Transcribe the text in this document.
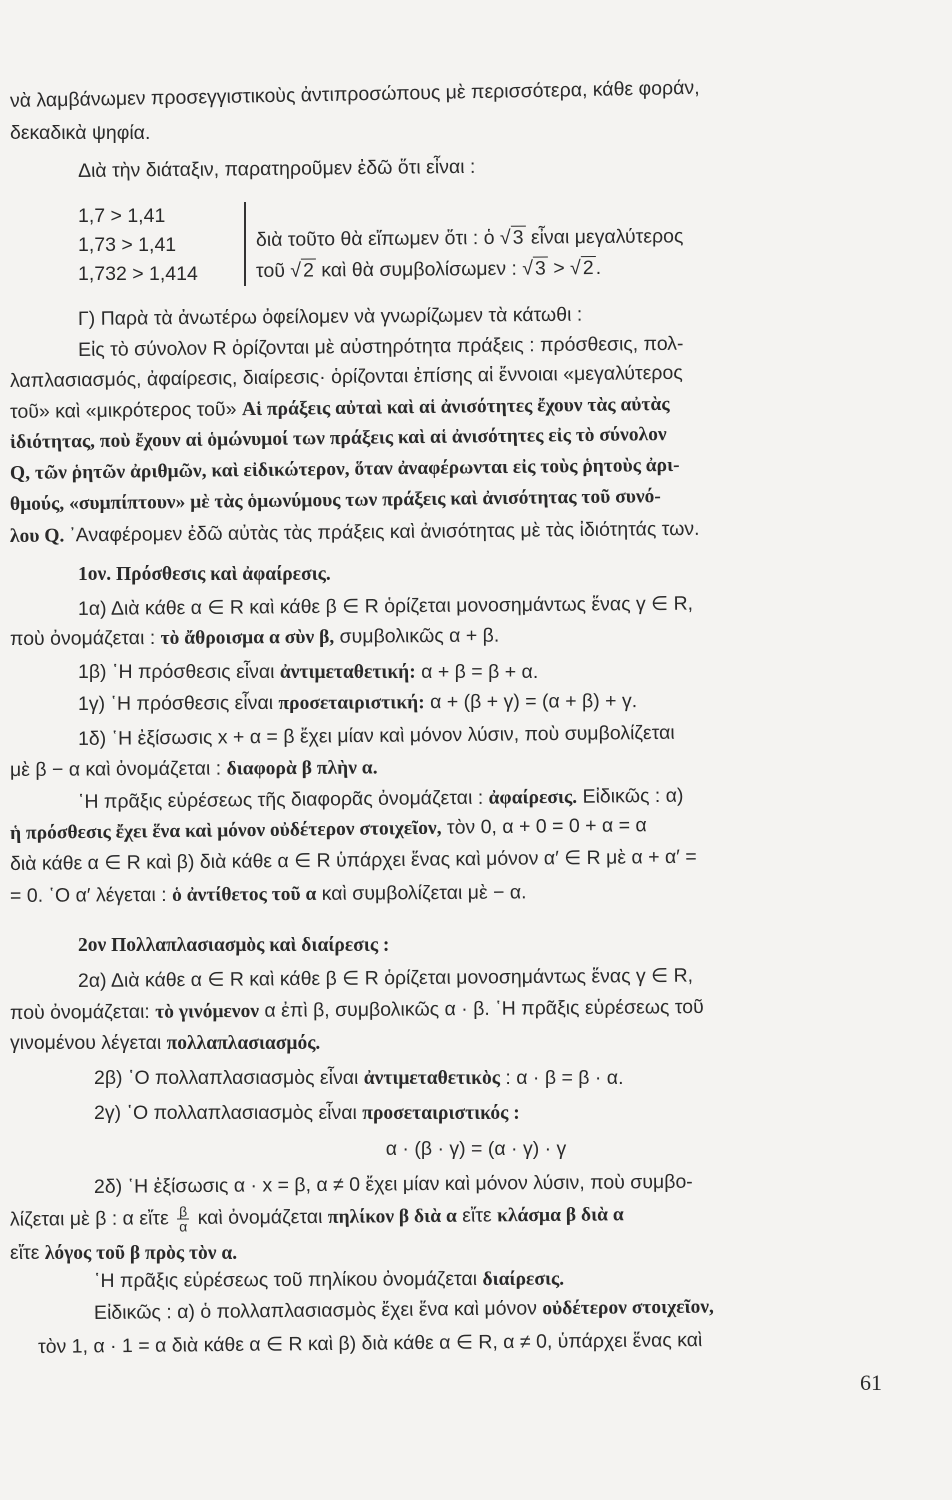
νὰ λαμβάνωμεν προσεγγιστικοὺς ἀντιπροσώπους μὲ περισσότερα, κάθε φοράν,
δεκαδικὰ ψηφία.
Διὰ τὴν διάταξιν, παρατηροῦμεν ἐδῶ ὅτι εἶναι :
1,7 > 1,41
1,73 > 1,41
1,732 > 1,414
διὰ τοῦτο θὰ εἴπωμεν ὅτι : ὁ √3 εἶναι μεγαλύτερος
τοῦ √2 καὶ θὰ συμβολίσωμεν : √3 > √2.
Γ) Παρὰ τὰ ἀνωτέρω ὀφείλομεν νὰ γνωρίζωμεν τὰ κάτωθι :
Εἰς τὸ σύνολον R ὁρίζονται μὲ αὐστηρότητα πράξεις : πρόσθεσις, πολ-
λαπλασιασμός, ἀφαίρεσις, διαίρεσις· ὁρίζονται ἐπίσης αἱ ἔννοιαι «μεγαλύτερος
τοῦ» καὶ «μικρότερος τοῦ» Αἱ πράξεις αὐταὶ καὶ αἱ ἀνισότητες ἔχουν τὰς αὐτὰς
ἰδιότητας, ποὺ ἔχουν αἱ ὁμώνυμοί των πράξεις καὶ αἱ ἀνισότητες εἰς τὸ σύνολον
Q, τῶν ῥητῶν ἀριθμῶν, καὶ εἰδικώτερον, ὅταν ἀναφέρωνται εἰς τοὺς ῥητοὺς ἀρι-
θμούς, «συμπίπτουν» μὲ τὰς ὁμωνύμους των πράξεις καὶ ἀνισότητας τοῦ συνό-
λου Q. ᾿Αναφέρομεν ἐδῶ αὐτὰς τὰς πράξεις καὶ ἀνισότητας μὲ τὰς ἰδιότητάς των.
1ον. Πρόσθεσις καὶ ἀφαίρεσις.
1α) Διὰ κάθε α ∈ R καὶ κάθε β ∈ R ὁρίζεται μονοσημάντως ἕνας γ ∈ R,
ποὺ ὀνομάζεται : τὸ ἄθροισμα α σὺν β, συμβολικῶς α + β.
1β) ῾Η πρόσθεσις εἶναι ἀντιμεταθετική: α + β = β + α.
1γ) ῾Η πρόσθεσις εἶναι προσεταιριστική: α + (β + γ) = (α + β) + γ.
1δ) ῾Η ἐξίσωσις x + α = β ἔχει μίαν καὶ μόνον λύσιν, ποὺ συμβολίζεται
μὲ β − α καὶ ὀνομάζεται : διαφορὰ β πλὴν α.
῾Η πρᾶξις εὑρέσεως τῆς διαφορᾶς ὀνομάζεται : ἀφαίρεσις. Εἰδικῶς : α)
ἡ πρόσθεσις ἔχει ἕνα καὶ μόνον οὐδέτερον στοιχεῖον, τὸν 0, α + 0 = 0 + α = α
διὰ κάθε α ∈ R καὶ β) διὰ κάθε α ∈ R ὑπάρχει ἕνας καὶ μόνον α′ ∈ R μὲ α + α′ =
= 0. ῾Ο α′ λέγεται : ὁ ἀντίθετος τοῦ α καὶ συμβολίζεται μὲ − α.
2ον Πολλαπλασιασμὸς καὶ διαίρεσις :
2α) Διὰ κάθε α ∈ R καὶ κάθε β ∈ R ὁρίζεται μονοσημάντως ἕνας γ ∈ R,
ποὺ ὀνομάζεται: τὸ γινόμενον α ἐπὶ β, συμβολικῶς α · β. ῾Η πρᾶξις εὑρέσεως τοῦ
γινομένου λέγεται πολλαπλασιασμός.
2β) ῾Ο πολλαπλασιασμὸς εἶναι ἀντιμεταθετικὸς : α · β = β · α.
2γ) ῾Ο πολλαπλασιασμὸς εἶναι προσεταιριστικός :
α · (β · γ) = (α · γ) · γ
2δ) ῾Η ἐξίσωσις α · x = β, α ≠ 0 ἔχει μίαν καὶ μόνον λύσιν, ποὺ συμβο-
λίζεται μὲ β : α εἴτε $\frac{\beta}{\alpha}$ καὶ ὀνομάζεται πηλίκον β διὰ α εἴτε κλάσμα β διὰ α
εἴτε λόγος τοῦ β πρὸς τὸν α.
῾Η πρᾶξις εὑρέσεως τοῦ πηλίκου ὀνομάζεται διαίρεσις.
Εἰδικῶς : α) ὁ πολλαπλασιασμὸς ἔχει ἕνα καὶ μόνον οὐδέτερον στοιχεῖον,
τὸν 1, α · 1 = α διὰ κάθε α ∈ R καὶ β) διὰ κάθε α ∈ R, α ≠ 0, ὑπάρχει ἕνας καὶ
61
